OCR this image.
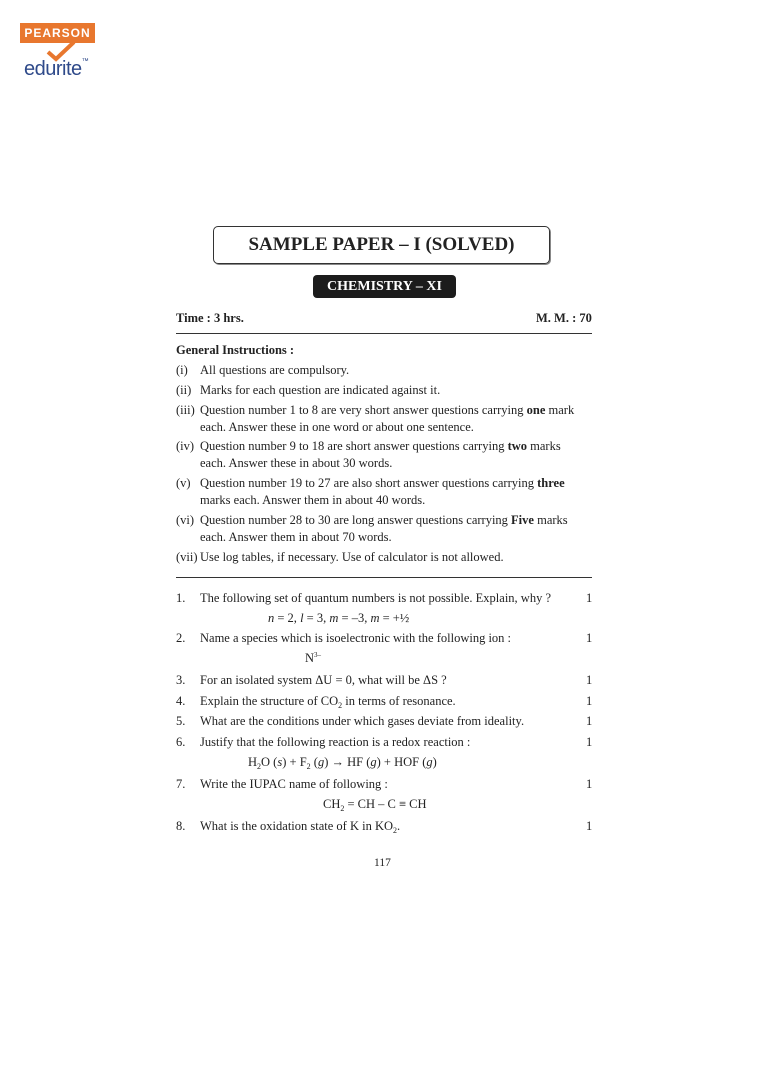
PEARSON
edurite™
SAMPLE PAPER – I (SOLVED)
CHEMISTRY – XI
Time : 3 hrs.	M. M. : 70
General Instructions :
(i) All questions are compulsory.
(ii) Marks for each question are indicated against it.
(iii) Question number 1 to 8 are very short answer questions carrying one mark
each. Answer these in one word or about one sentence.
(iv) Question number 9 to 18 are short answer questions carrying two marks
each. Answer these in about 30 words.
(v) Question number 19 to 27 are also short answer questions carrying three
marks each. Answer them in about 40 words.
(vi) Question number 28 to 30 are long answer questions carrying Five marks
each. Answer them in about 70 words.
(vii) Use log tables, if necessary. Use of calculator is not allowed.
1. The following set of quantum numbers is not possible. Explain, why ?	1
n = 2, l = 3, m = –3, m = +½
2. Name a species which is isoelectronic with the following ion :	1
$N^{3-}$
3. For an isolated system ΔU = 0, what will be ΔS ?	1
4. Explain the structure of $CO_2$ in terms of resonance.	1
5. What are the conditions under which gases deviate from ideality.	1
6. Justify that the following reaction is a redox reaction :	1
$H_2O$ $(s) + F_2$ (g) → HF (g) + HOF (g)
7. Write the IUPAC name of following :	1
$CH_2$ = CH – C ≡ CH
8. What is the oxidation state of K in $KO_2$.	1
117
